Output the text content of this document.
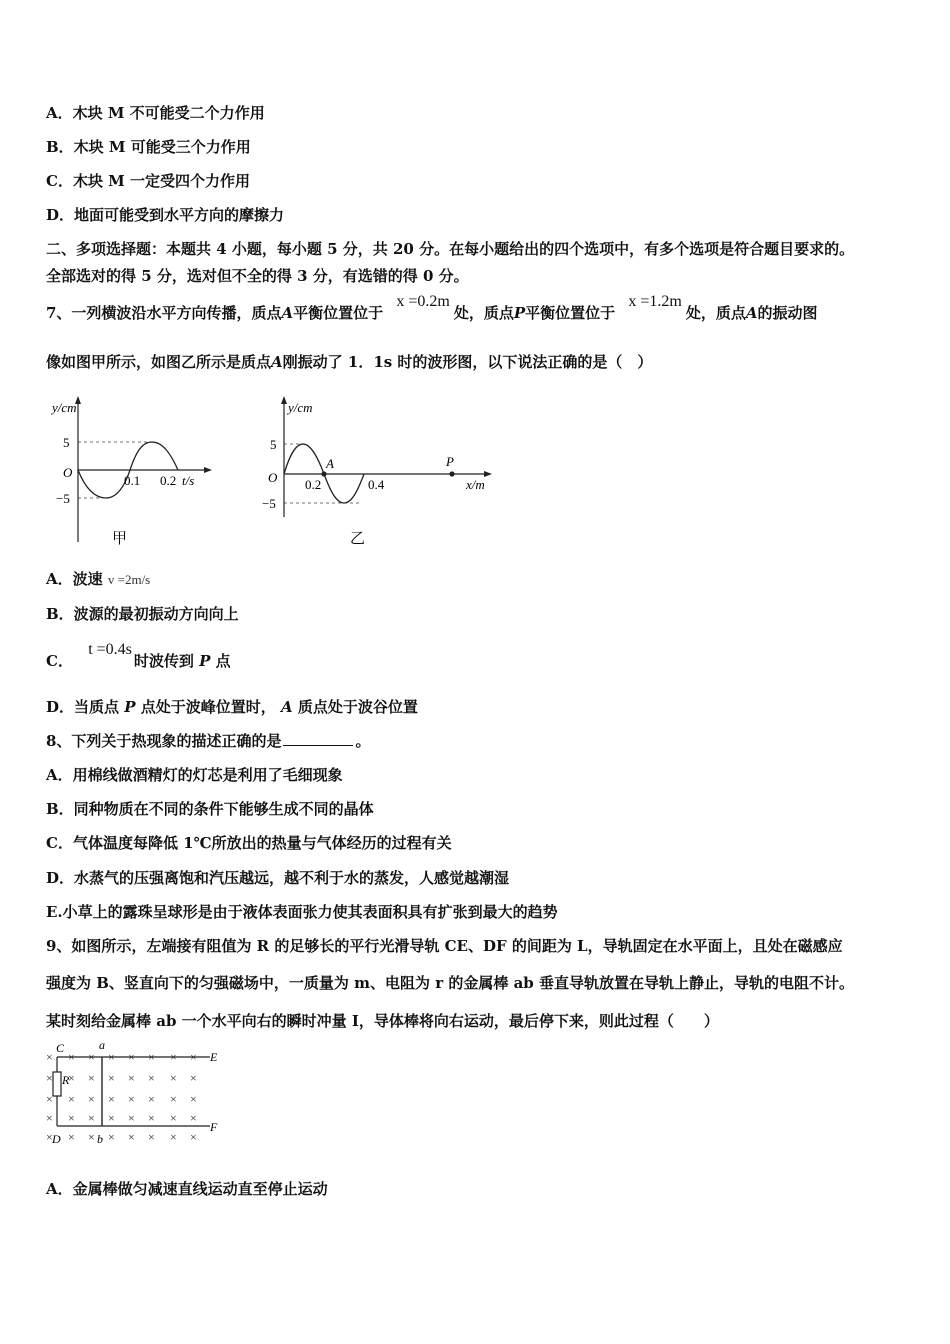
A．木块 M 不可能受二个力作用
B．木块 M 可能受三个力作用
C．木块 M 一定受四个力作用
D．地面可能受到水平方向的摩擦力
二、多项选择题：本题共 4 小题，每小题 5 分，共 20 分。在每小题给出的四个选项中，有多个选项是符合题目要求的。
全部选对的得 5 分，选对但不全的得 3 分，有选错的得 0 分。
7、一列横波沿水平方向传播，质点A平衡位置位于 x =0.2m处，质点P平衡位置位于 x =1.2m处，质点A的振动图
像如图甲所示，如图乙所示是质点A刚振动了 1．1s 时的波形图，以下说法正确的是（　）
y/cm
5
−5
O
0.1 0.2 t/s
甲
y/cm
5
−5
O
A	P
0.2	0.4	x/m
乙
A．波速 v =2m/s
B．波源的最初振动方向向上
C． t =0.4s时波传到 P 点
D．当质点 P 点处于波峰位置时， A 质点处于波谷位置
8、下列关于热现象的描述正确的是	。
A．用棉线做酒精灯的灯芯是利用了毛细现象
B．同种物质在不同的条件下能够生成不同的晶体
C．气体温度每降低 1℃所放出的热量与气体经历的过程有关
D．水蒸气的压强离饱和汽压越远，越不利于水的蒸发，人感觉越潮湿
E.小草上的露珠呈球形是由于液体表面张力使其表面积具有扩张到最大的趋势
9、如图所示，左端接有阻值为 R 的足够长的平行光滑导轨 CE、DF 的间距为 L，导轨固定在水平面上，且处在磁感应
强度为 B、竖直向下的匀强磁场中，一质量为 m、电阻为 r 的金属棒 ab 垂直导轨放置在导轨上静止，导轨的电阻不计。
某时刻给金属棒 ab 一个水平向右的瞬时冲量 I，导体棒将向右运动，最后停下来，则此过程（　　）
× × × × × × × ×
× × × × × × × ×
× × × × × × × ×
× × × × × × × ×
× × × × × × × ×
C
D
E
F
a
b
R
A．金属棒做匀减速直线运动直至停止运动
